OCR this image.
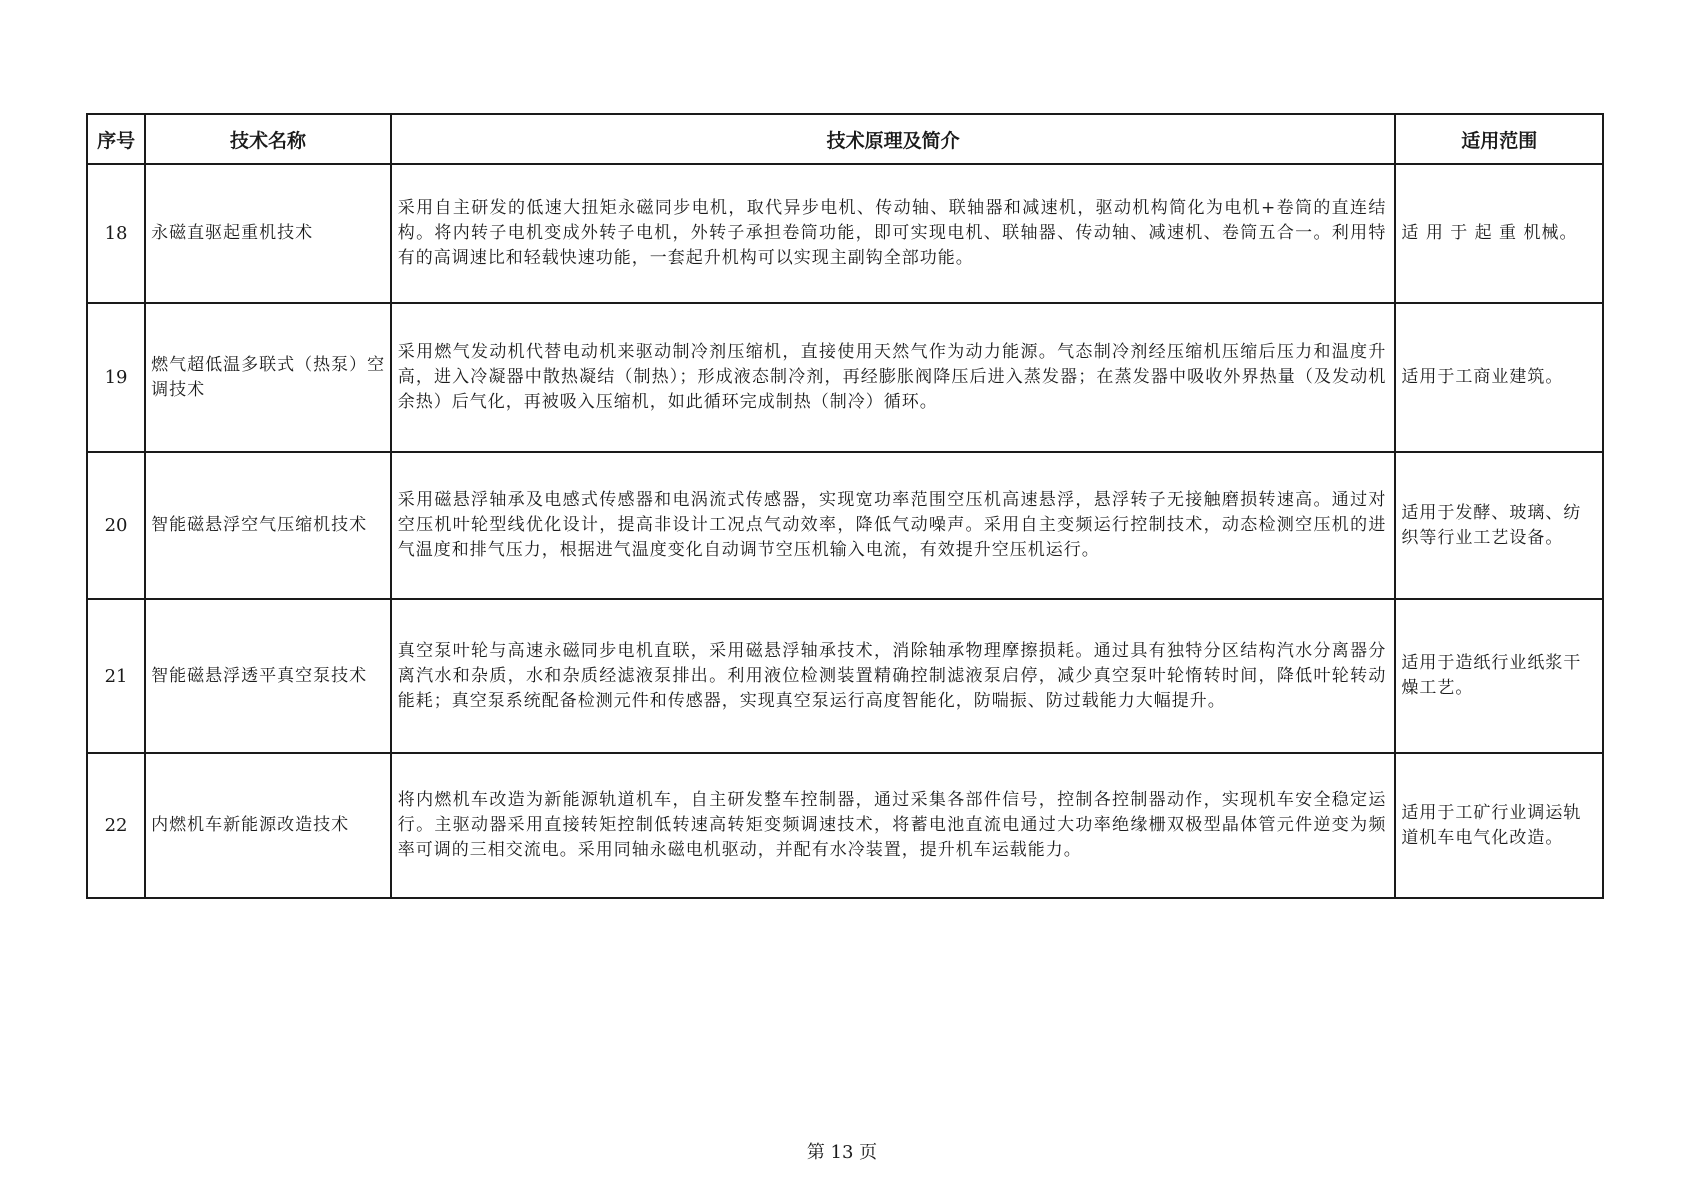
序号	技术名称	技术原理及简介	适用范围
18	永磁直驱起重机技术	采用自主研发的低速大扭矩永磁同步电机，取代异步电机、传动轴、联轴器和减速机，驱动机构简化为电机+卷筒的直连结构。将内转子电机变成外转子电机，外转子承担卷筒功能，即可实现电机、联轴器、传动轴、减速机、卷筒五合一。利用特有的高调速比和轻载快速功能，一套起升机构可以实现主副钩全部功能。	适 用 于 起 重 机械。
19	燃气超低温多联式（热泵）空调技术	采用燃气发动机代替电动机来驱动制冷剂压缩机，直接使用天然气作为动力能源。气态制冷剂经压缩机压缩后压力和温度升高，进入冷凝器中散热凝结（制热）；形成液态制冷剂，再经膨胀阀降压后进入蒸发器；在蒸发器中吸收外界热量（及发动机余热）后气化，再被吸入压缩机，如此循环完成制热（制冷）循环。	适用于工商业建筑。
20	智能磁悬浮空气压缩机技术	采用磁悬浮轴承及电感式传感器和电涡流式传感器，实现宽功率范围空压机高速悬浮，悬浮转子无接触磨损转速高。通过对空压机叶轮型线优化设计，提高非设计工况点气动效率，降低气动噪声。采用自主变频运行控制技术，动态检测空压机的进气温度和排气压力，根据进气温度变化自动调节空压机输入电流，有效提升空压机运行。	适用于发酵、玻璃、纺织等行业工艺设备。
21	智能磁悬浮透平真空泵技术	真空泵叶轮与高速永磁同步电机直联，采用磁悬浮轴承技术，消除轴承物理摩擦损耗。通过具有独特分区结构汽水分离器分离汽水和杂质，水和杂质经滤液泵排出。利用液位检测装置精确控制滤液泵启停，减少真空泵叶轮惰转时间，降低叶轮转动能耗；真空泵系统配备检测元件和传感器，实现真空泵运行高度智能化，防喘振、防过载能力大幅提升。	适用于造纸行业纸浆干燥工艺。
22	内燃机车新能源改造技术	将内燃机车改造为新能源轨道机车，自主研发整车控制器，通过采集各部件信号，控制各控制器动作，实现机车安全稳定运行。主驱动器采用直接转矩控制低转速高转矩变频调速技术，将蓄电池直流电通过大功率绝缘栅双极型晶体管元件逆变为频率可调的三相交流电。采用同轴永磁电机驱动，并配有水冷装置，提升机车运载能力。	适用于工矿行业调运轨道机车电气化改造。
第 13 页
